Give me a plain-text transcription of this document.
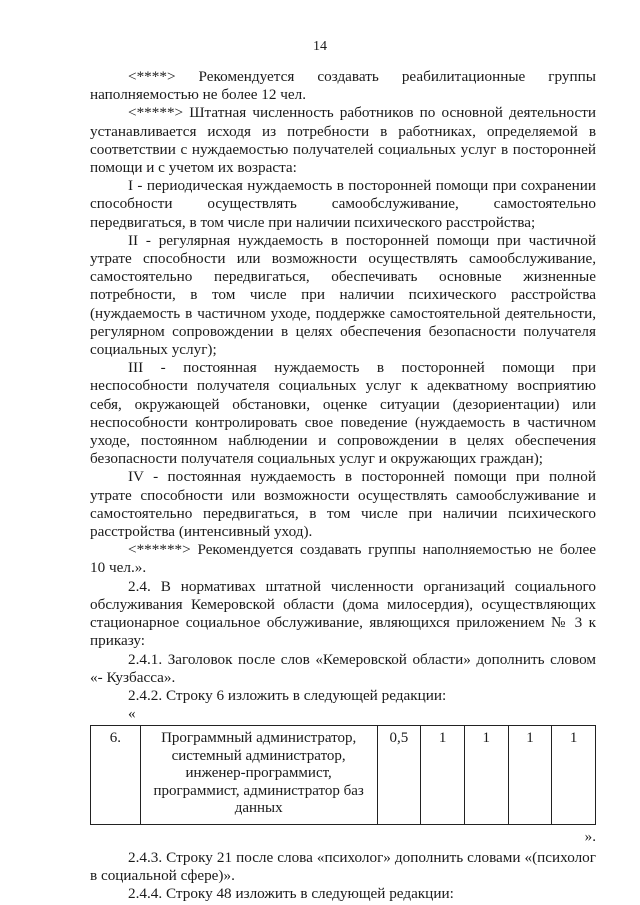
14

<****> Рекомендуется создавать реабилитационные группы наполняемостью не более 12 чел.

<*****> Штатная численность работников по основной деятельности устанавливается исходя из потребности в работниках, определяемой в соответствии с нуждаемостью получателей социальных услуг в посторонней помощи и с учетом их возраста:

I - периодическая нуждаемость в посторонней помощи при сохранении способности осуществлять самообслуживание, самостоятельно передвигаться, в том числе при наличии психического расстройства;

II - регулярная нуждаемость в посторонней помощи при частичной утрате способности или возможности осуществлять самообслуживание, самостоятельно передвигаться, обеспечивать основные жизненные потребности, в том числе при наличии психического расстройства (нуждаемость в частичном уходе, поддержке самостоятельной деятельности, регулярном сопровождении в целях обеспечения безопасности получателя социальных услуг);

III - постоянная нуждаемость в посторонней помощи при неспособности получателя социальных услуг к адекватному восприятию себя, окружающей обстановки, оценке ситуации (дезориентации) или неспособности контролировать свое поведение (нуждаемость в частичном уходе, постоянном наблюдении и сопровождении в целях обеспечения безопасности получателя социальных услуг и окружающих граждан);

IV - постоянная нуждаемость в посторонней помощи при полной утрате способности или возможности осуществлять самообслуживание и самостоятельно передвигаться, в том числе при наличии психического расстройства (интенсивный уход).

<******> Рекомендуется создавать группы наполняемостью не более 10 чел.».

2.4. В нормативах штатной численности организаций социального обслуживания Кемеровской области (дома милосердия), осуществляющих стационарное социальное обслуживание, являющихся приложением № 3 к приказу:

2.4.1. Заголовок после слов «Кемеровской области» дополнить словом «- Кузбасса».

2.4.2. Строку 6 изложить в следующей редакции:

«

6.	Программный администратор, системный администратор, инженер-программист, программист, администратор баз данных	0,5	1	1	1	1

».

2.4.3. Строку 21 после слова «психолог» дополнить словами «(психолог в социальной сфере)».

2.4.4. Строку 48 изложить в следующей редакции:
